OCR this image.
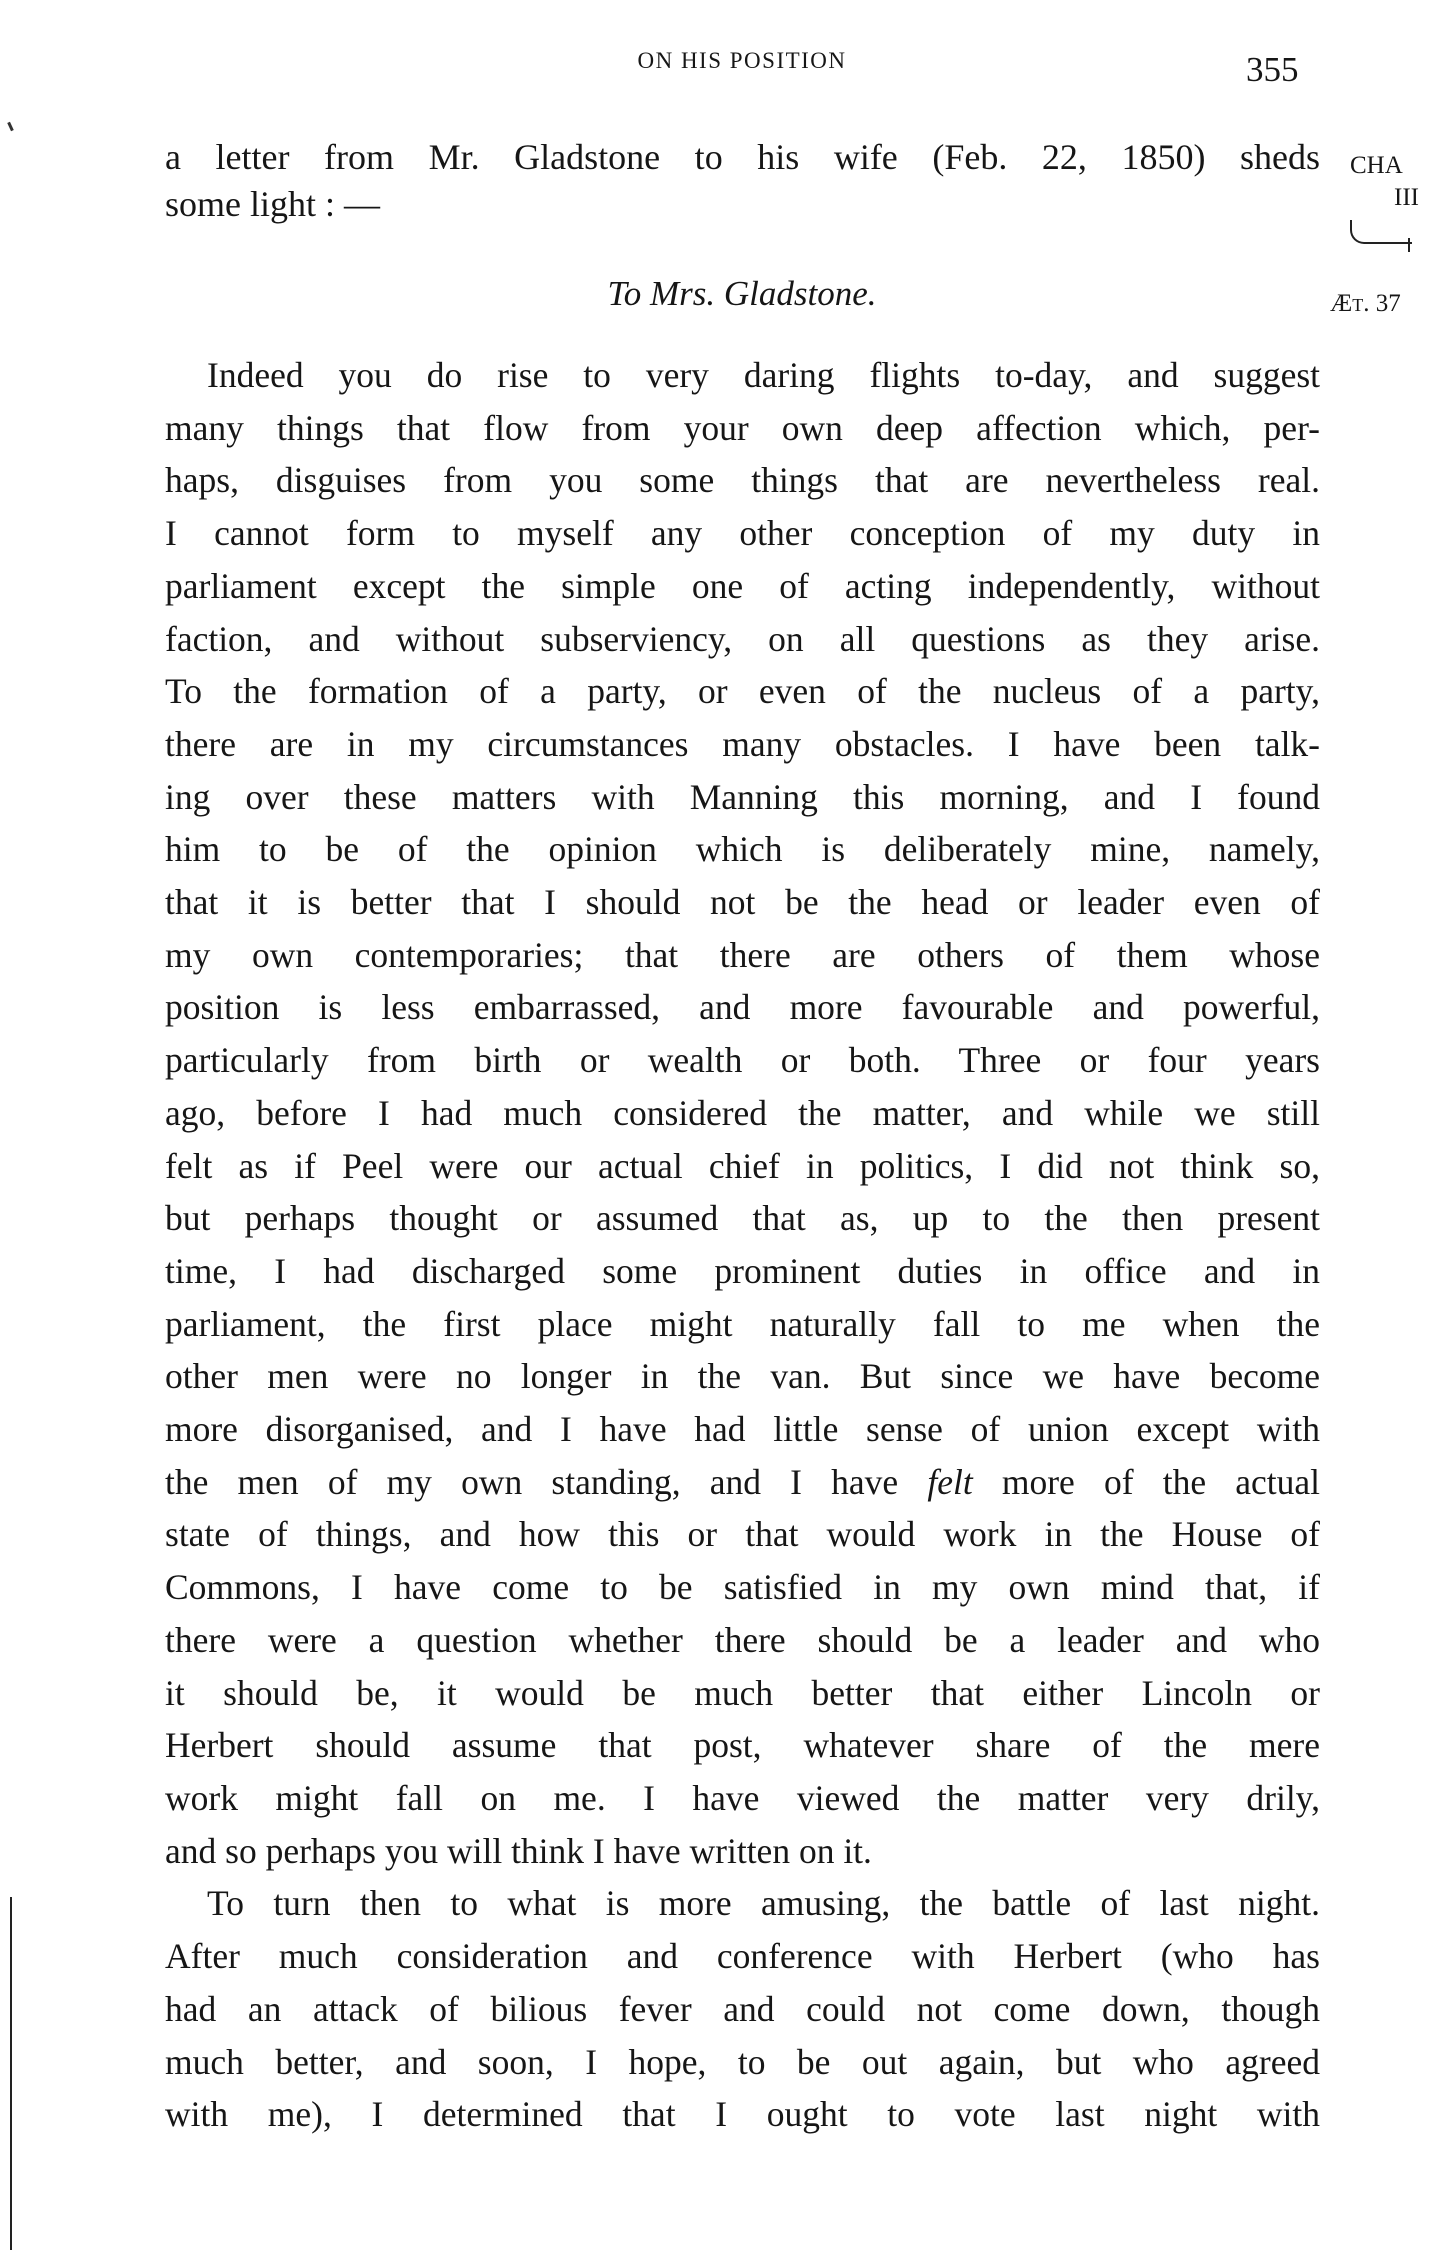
ON HIS POSITION	355
CHA
III
Æt. 37
a letter from Mr. Gladstone to his wife (Feb. 22, 1850) sheds
some light : —
To Mrs. Gladstone.
Indeed you do rise to very daring flights to-day, and suggest
many things that flow from your own deep affection which, per-
haps, disguises from you some things that are nevertheless real.
I cannot form to myself any other conception of my duty in
parliament except the simple one of acting independently, without
faction, and without subserviency, on all questions as they arise.
To the formation of a party, or even of the nucleus of a party,
there are in my circumstances many obstacles. I have been talk-
ing over these matters with Manning this morning, and I found
him to be of the opinion which is deliberately mine, namely,
that it is better that I should not be the head or leader even of
my own contemporaries; that there are others of them whose
position is less embarrassed, and more favourable and powerful,
particularly from birth or wealth or both. Three or four years
ago, before I had much considered the matter, and while we still
felt as if Peel were our actual chief in politics, I did not think so,
but perhaps thought or assumed that as, up to the then present
time, I had discharged some prominent duties in office and in
parliament, the first place might naturally fall to me when the
other men were no longer in the van. But since we have become
more disorganised, and I have had little sense of union except with
the men of my own standing, and I have felt more of the actual
state of things, and how this or that would work in the House of
Commons, I have come to be satisfied in my own mind that, if
there were a question whether there should be a leader and who
it should be, it would be much better that either Lincoln or
Herbert should assume that post, whatever share of the mere
work might fall on me. I have viewed the matter very drily,
and so perhaps you will think I have written on it.
To turn then to what is more amusing, the battle of last night.
After much consideration and conference with Herbert (who has
had an attack of bilious fever and could not come down, though
much better, and soon, I hope, to be out again, but who agreed
with me), I determined that I ought to vote last night with
